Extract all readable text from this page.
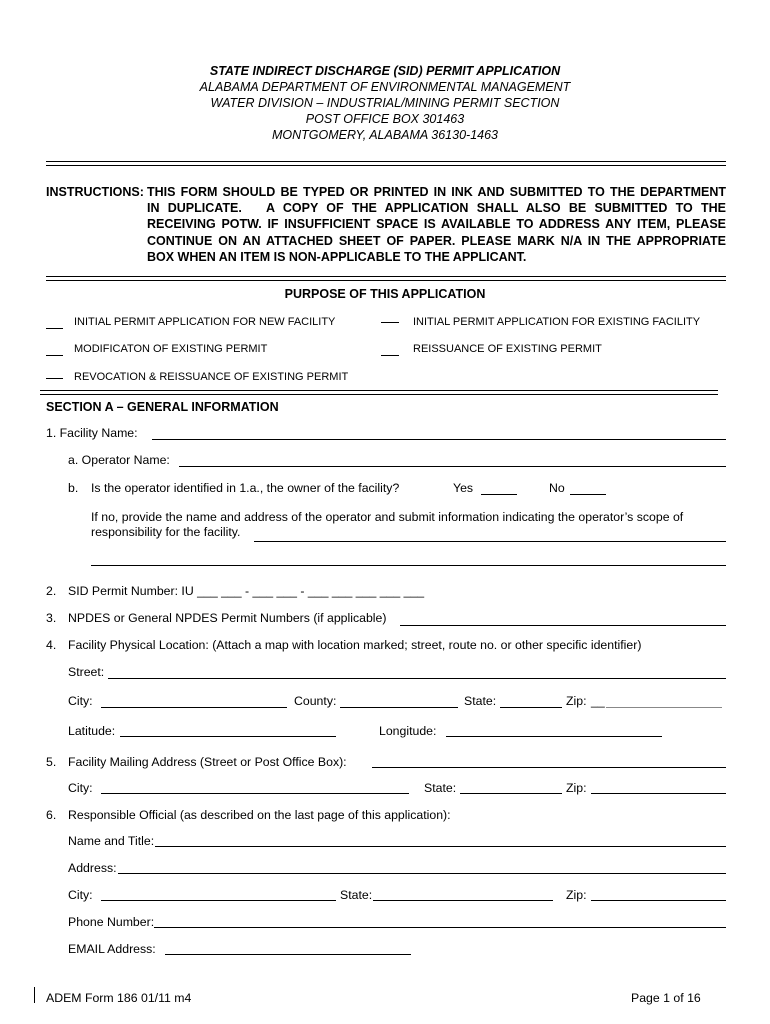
STATE INDIRECT DISCHARGE (SID) PERMIT APPLICATION
ALABAMA DEPARTMENT OF ENVIRONMENTAL MANAGEMENT
WATER DIVISION – INDUSTRIAL/MINING PERMIT SECTION
POST OFFICE BOX 301463
MONTGOMERY, ALABAMA 36130-1463
INSTRUCTIONS: THIS FORM SHOULD BE TYPED OR PRINTED IN INK AND SUBMITTED TO THE DEPARTMENT
IN DUPLICATE.   A COPY OF THE APPLICATION SHALL ALSO BE SUBMITTED TO THE
RECEIVING POTW. IF INSUFFICIENT SPACE IS AVAILABLE TO ADDRESS ANY ITEM, PLEASE
CONTINUE ON AN ATTACHED SHEET OF PAPER. PLEASE MARK N/A IN THE APPROPRIATE
BOX WHEN AN ITEM IS NON-APPLICABLE TO THE APPLICANT.
PURPOSE OF THIS APPLICATION
INITIAL PERMIT APPLICATION FOR NEW FACILITY	INITIAL PERMIT APPLICATION FOR EXISTING FACILITY
MODIFICATON OF EXISTING PERMIT	REISSUANCE OF EXISTING PERMIT
REVOCATION & REISSUANCE OF EXISTING PERMIT
SECTION A – GENERAL INFORMATION
1. Facility Name:
a. Operator Name:
b. Is the operator identified in 1.a., the owner of the facility?	Yes	No
If no, provide the name and address of the operator and submit information indicating the operator’s scope of
responsibility for the facility.
2. SID Permit Number: IU ___ ___ - ___ ___ - ___ ___ ___ ___ ___
3. NPDES or General NPDES Permit Numbers (if applicable)
4. Facility Physical Location: (Attach a map with location marked; street, route no. or other specific identifier)
Street:
City:	County:	State:	Zip: __
Latitude:	Longitude:
5. Facility Mailing Address (Street or Post Office Box):
City:	State:	Zip:
6. Responsible Official (as described on the last page of this application):
Name and Title:
Address:
City:	State:	Zip:
Phone Number:
EMAIL Address:
ADEM Form 186 01/11 m4	Page 1 of 16
